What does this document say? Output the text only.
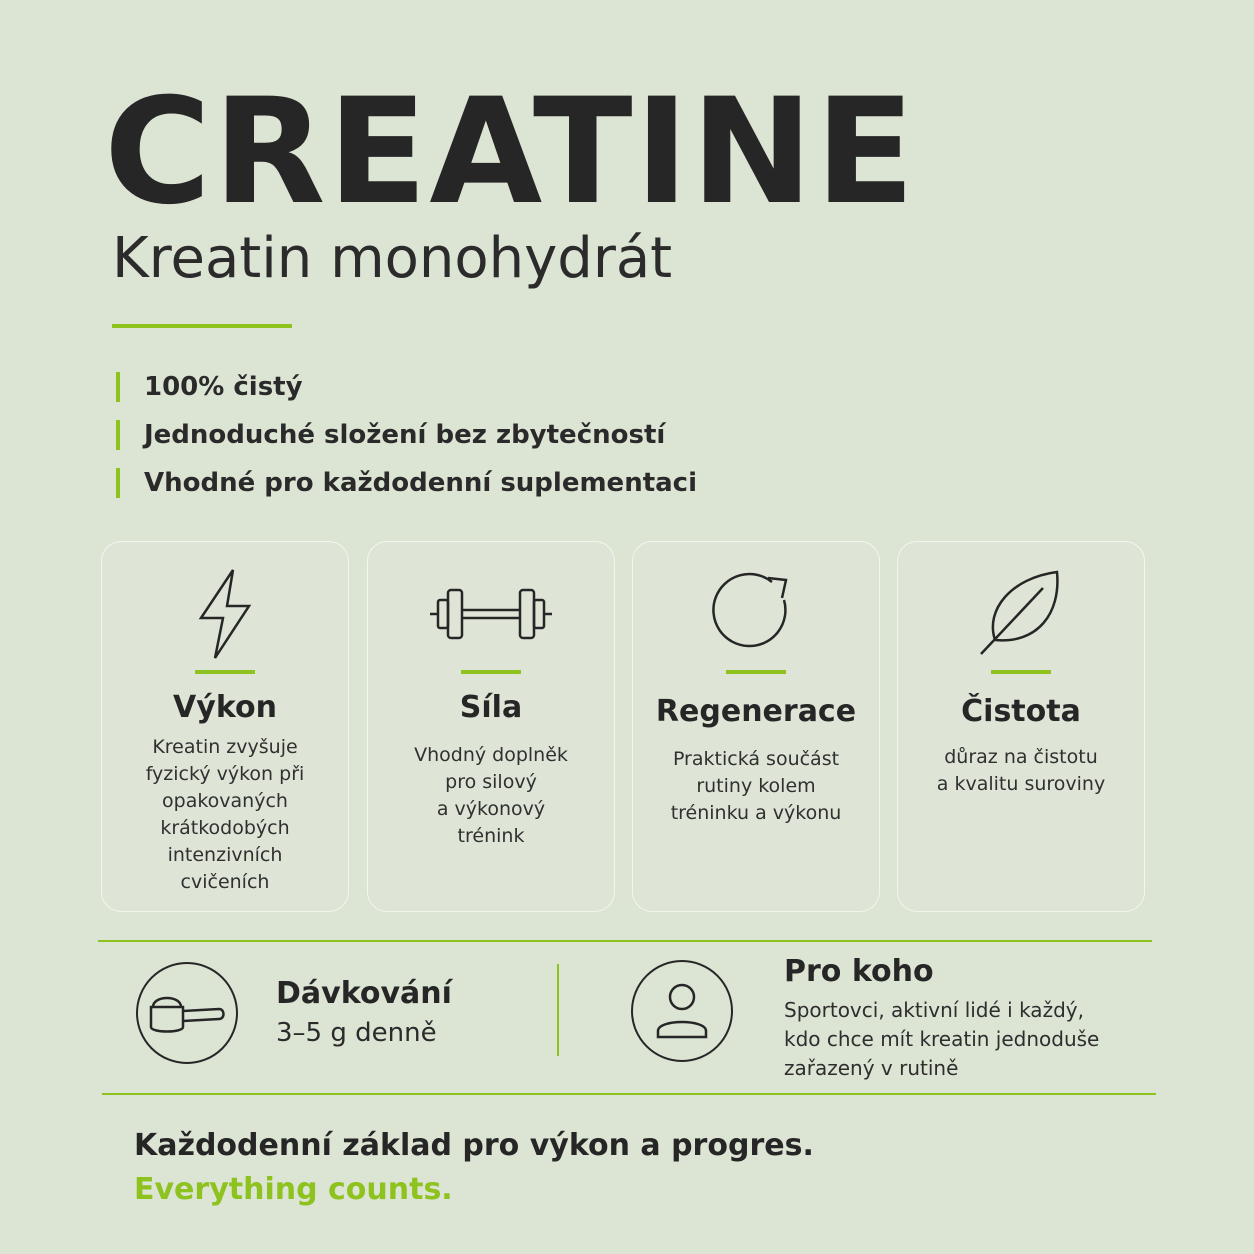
CREATINE
Kreatin monohydrát
100% čistý
Jednoduché složení bez zbytečností
Vhodné pro každodenní suplementaci
Výkon
Kreatin zvyšuje
fyzický výkon při
opakovaných
krátkodobých
intenzivních
cvičeních
Síla
Vhodný doplněk
pro silový
a výkonový
trénink
Regenerace
Praktická součást
rutiny kolem
tréninku a výkonu
Čistota
důraz na čistotu
a kvalitu suroviny
Dávkování
3–5 g denně
Pro koho
Sportovci, aktivní lidé i každý,
kdo chce mít kreatin jednoduše
zařazený v rutině
Každodenní základ pro výkon a progres.
Everything counts.
